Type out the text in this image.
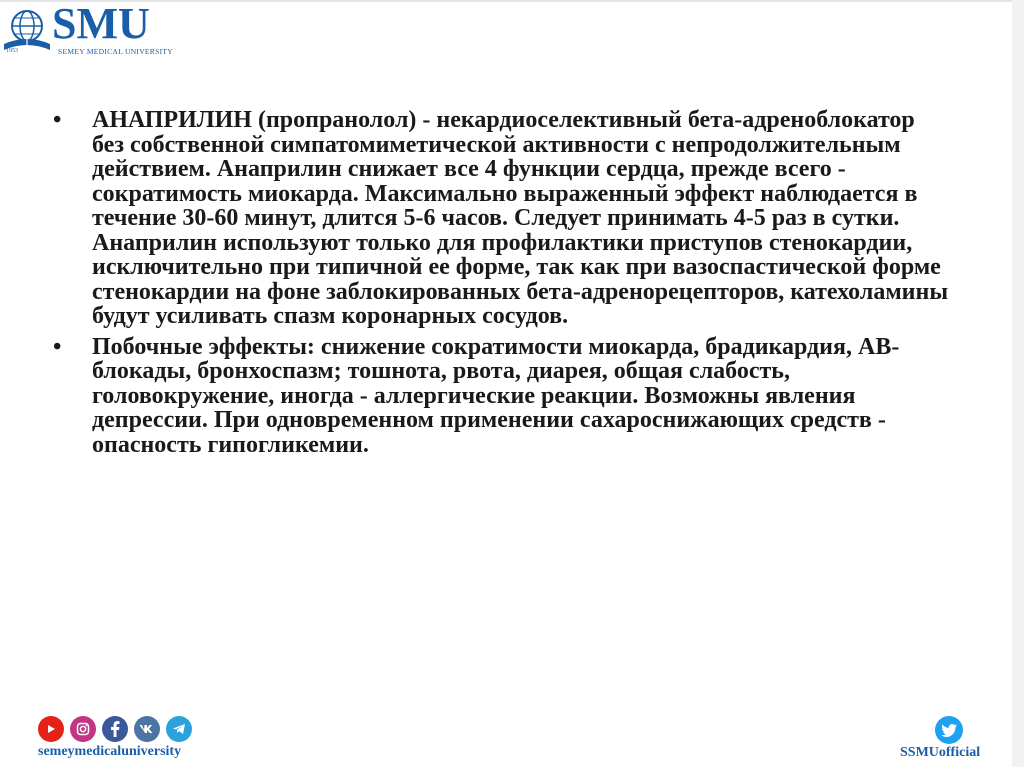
1953
SMU
SEMEY MEDICAL UNIVERSITY
• АНАПРИЛИН (пропранолол) - некардиоселективный бета-адреноблокатор без собственной симпатомиметической активности с непродолжительным действием. Анаприлин снижает все 4 функции сердца, прежде всего - сократимость миокарда. Максимально выраженный эффект наблюдается в течение 30-60 минут, длится 5-6 часов. Следует принимать 4-5 раз в сутки. Анаприлин используют только для профилактики приступов стенокардии, исключительно при типичной ее форме, так как при вазоспастической форме стенокардии на фоне заблокированных бета-адренорецепторов, катехоламины будут усиливать спазм коронарных сосудов.
• Побочные эффекты: снижение сократимости миокарда, брадикардия, АВ-блокады, бронхоспазм; тошнота, рвота, диарея, общая слабость, головокружение, иногда - аллергические реакции. Возможны явления депрессии. При одновременном применении сахароснижающих средств - опасность гипогликемии.
semeymedicaluniversity	SSMUofficial
